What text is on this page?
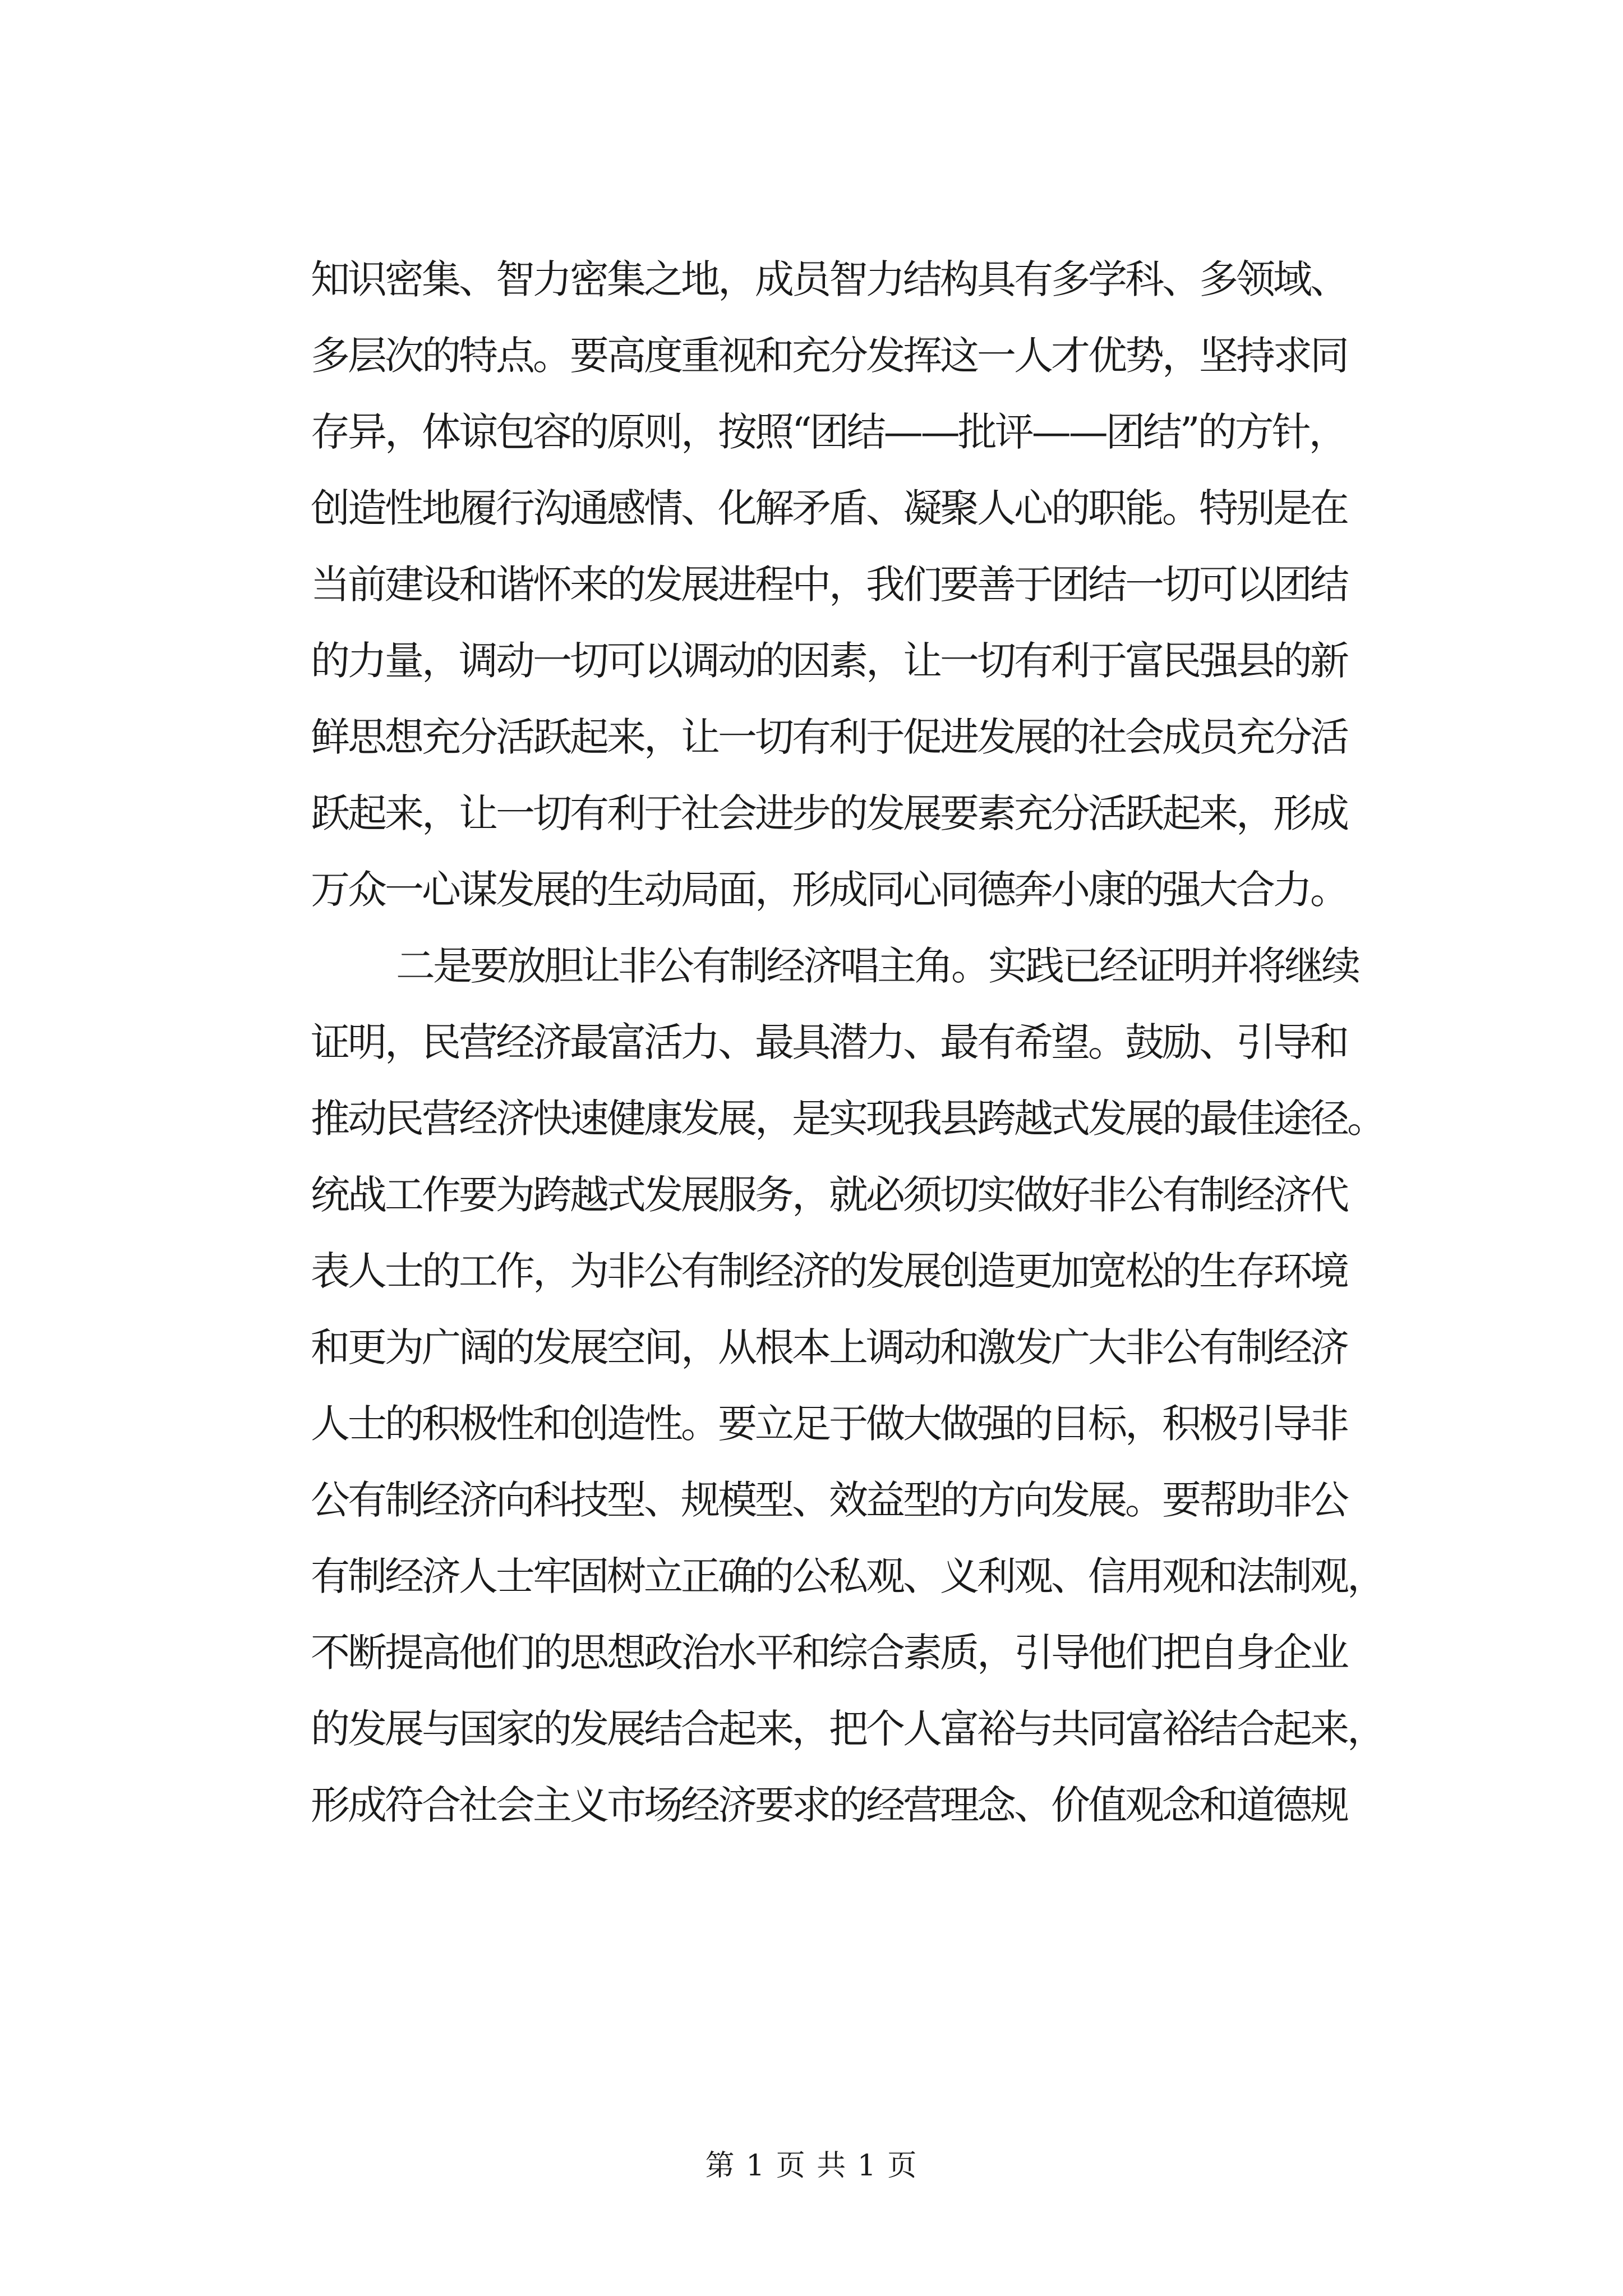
知识密集、智力密集之地，成员智力结构具有多学科、多领域、
多层次的特点。要高度重视和充分发挥这一人才优势，坚持求同
存异，体谅包容的原则，按照“团结——批评——团结”的方针，
创造性地履行沟通感情、化解矛盾、凝聚人心的职能。特别是在
当前建设和谐怀来的发展进程中，我们要善于团结一切可以团结
的力量，调动一切可以调动的因素，让一切有利于富民强县的新
鲜思想充分活跃起来，让一切有利于促进发展的社会成员充分活
跃起来，让一切有利于社会进步的发展要素充分活跃起来，形成
万众一心谋发展的生动局面，形成同心同德奔小康的强大合力。
二是要放胆让非公有制经济唱主角。实践已经证明并将继续
证明，民营经济最富活力、最具潜力、最有希望。鼓励、引导和
推动民营经济快速健康发展，是实现我县跨越式发展的最佳途径。
统战工作要为跨越式发展服务，就必须切实做好非公有制经济代
表人士的工作，为非公有制经济的发展创造更加宽松的生存环境
和更为广阔的发展空间，从根本上调动和激发广大非公有制经济
人士的积极性和创造性。要立足于做大做强的目标，积极引导非
公有制经济向科技型、规模型、效益型的方向发展。要帮助非公
有制经济人士牢固树立正确的公私观、义利观、信用观和法制观，
不断提高他们的思想政治水平和综合素质，引导他们把自身企业
的发展与国家的发展结合起来，把个人富裕与共同富裕结合起来，
形成符合社会主义市场经济要求的经营理念、价值观念和道德规
第 1 页 共 1 页
